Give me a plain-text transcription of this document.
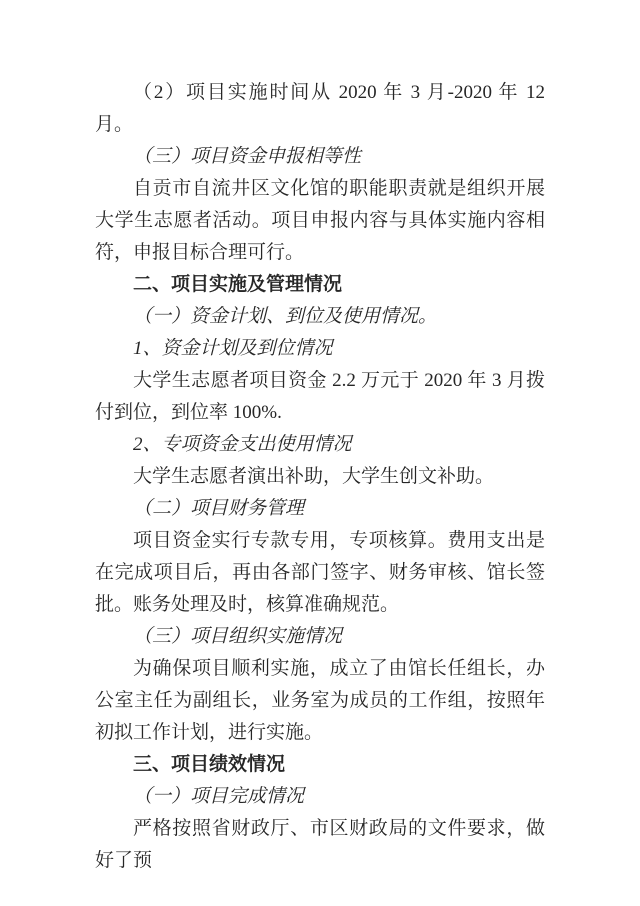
（2）项目实施时间从 2020 年 3 月-2020 年 12 月。

（三）项目资金申报相等性

自贡市自流井区文化馆的职能职责就是组织开展大学生志愿者活动。项目申报内容与具体实施内容相符，申报目标合理可行。

二、项目实施及管理情况

（一）资金计划、到位及使用情况。

1、资金计划及到位情况

大学生志愿者项目资金 2.2 万元于 2020 年 3 月拨付到位，到位率 100%.

2、专项资金支出使用情况

大学生志愿者演出补助，大学生创文补助。

（二）项目财务管理

项目资金实行专款专用，专项核算。费用支出是在完成项目后，再由各部门签字、财务审核、馆长签批。账务处理及时，核算准确规范。

（三）项目组织实施情况

为确保项目顺利实施，成立了由馆长任组长，办公室主任为副组长，业务室为成员的工作组，按照年初拟工作计划，进行实施。

三、项目绩效情况

（一）项目完成情况

严格按照省财政厅、市区财政局的文件要求，做好了预
